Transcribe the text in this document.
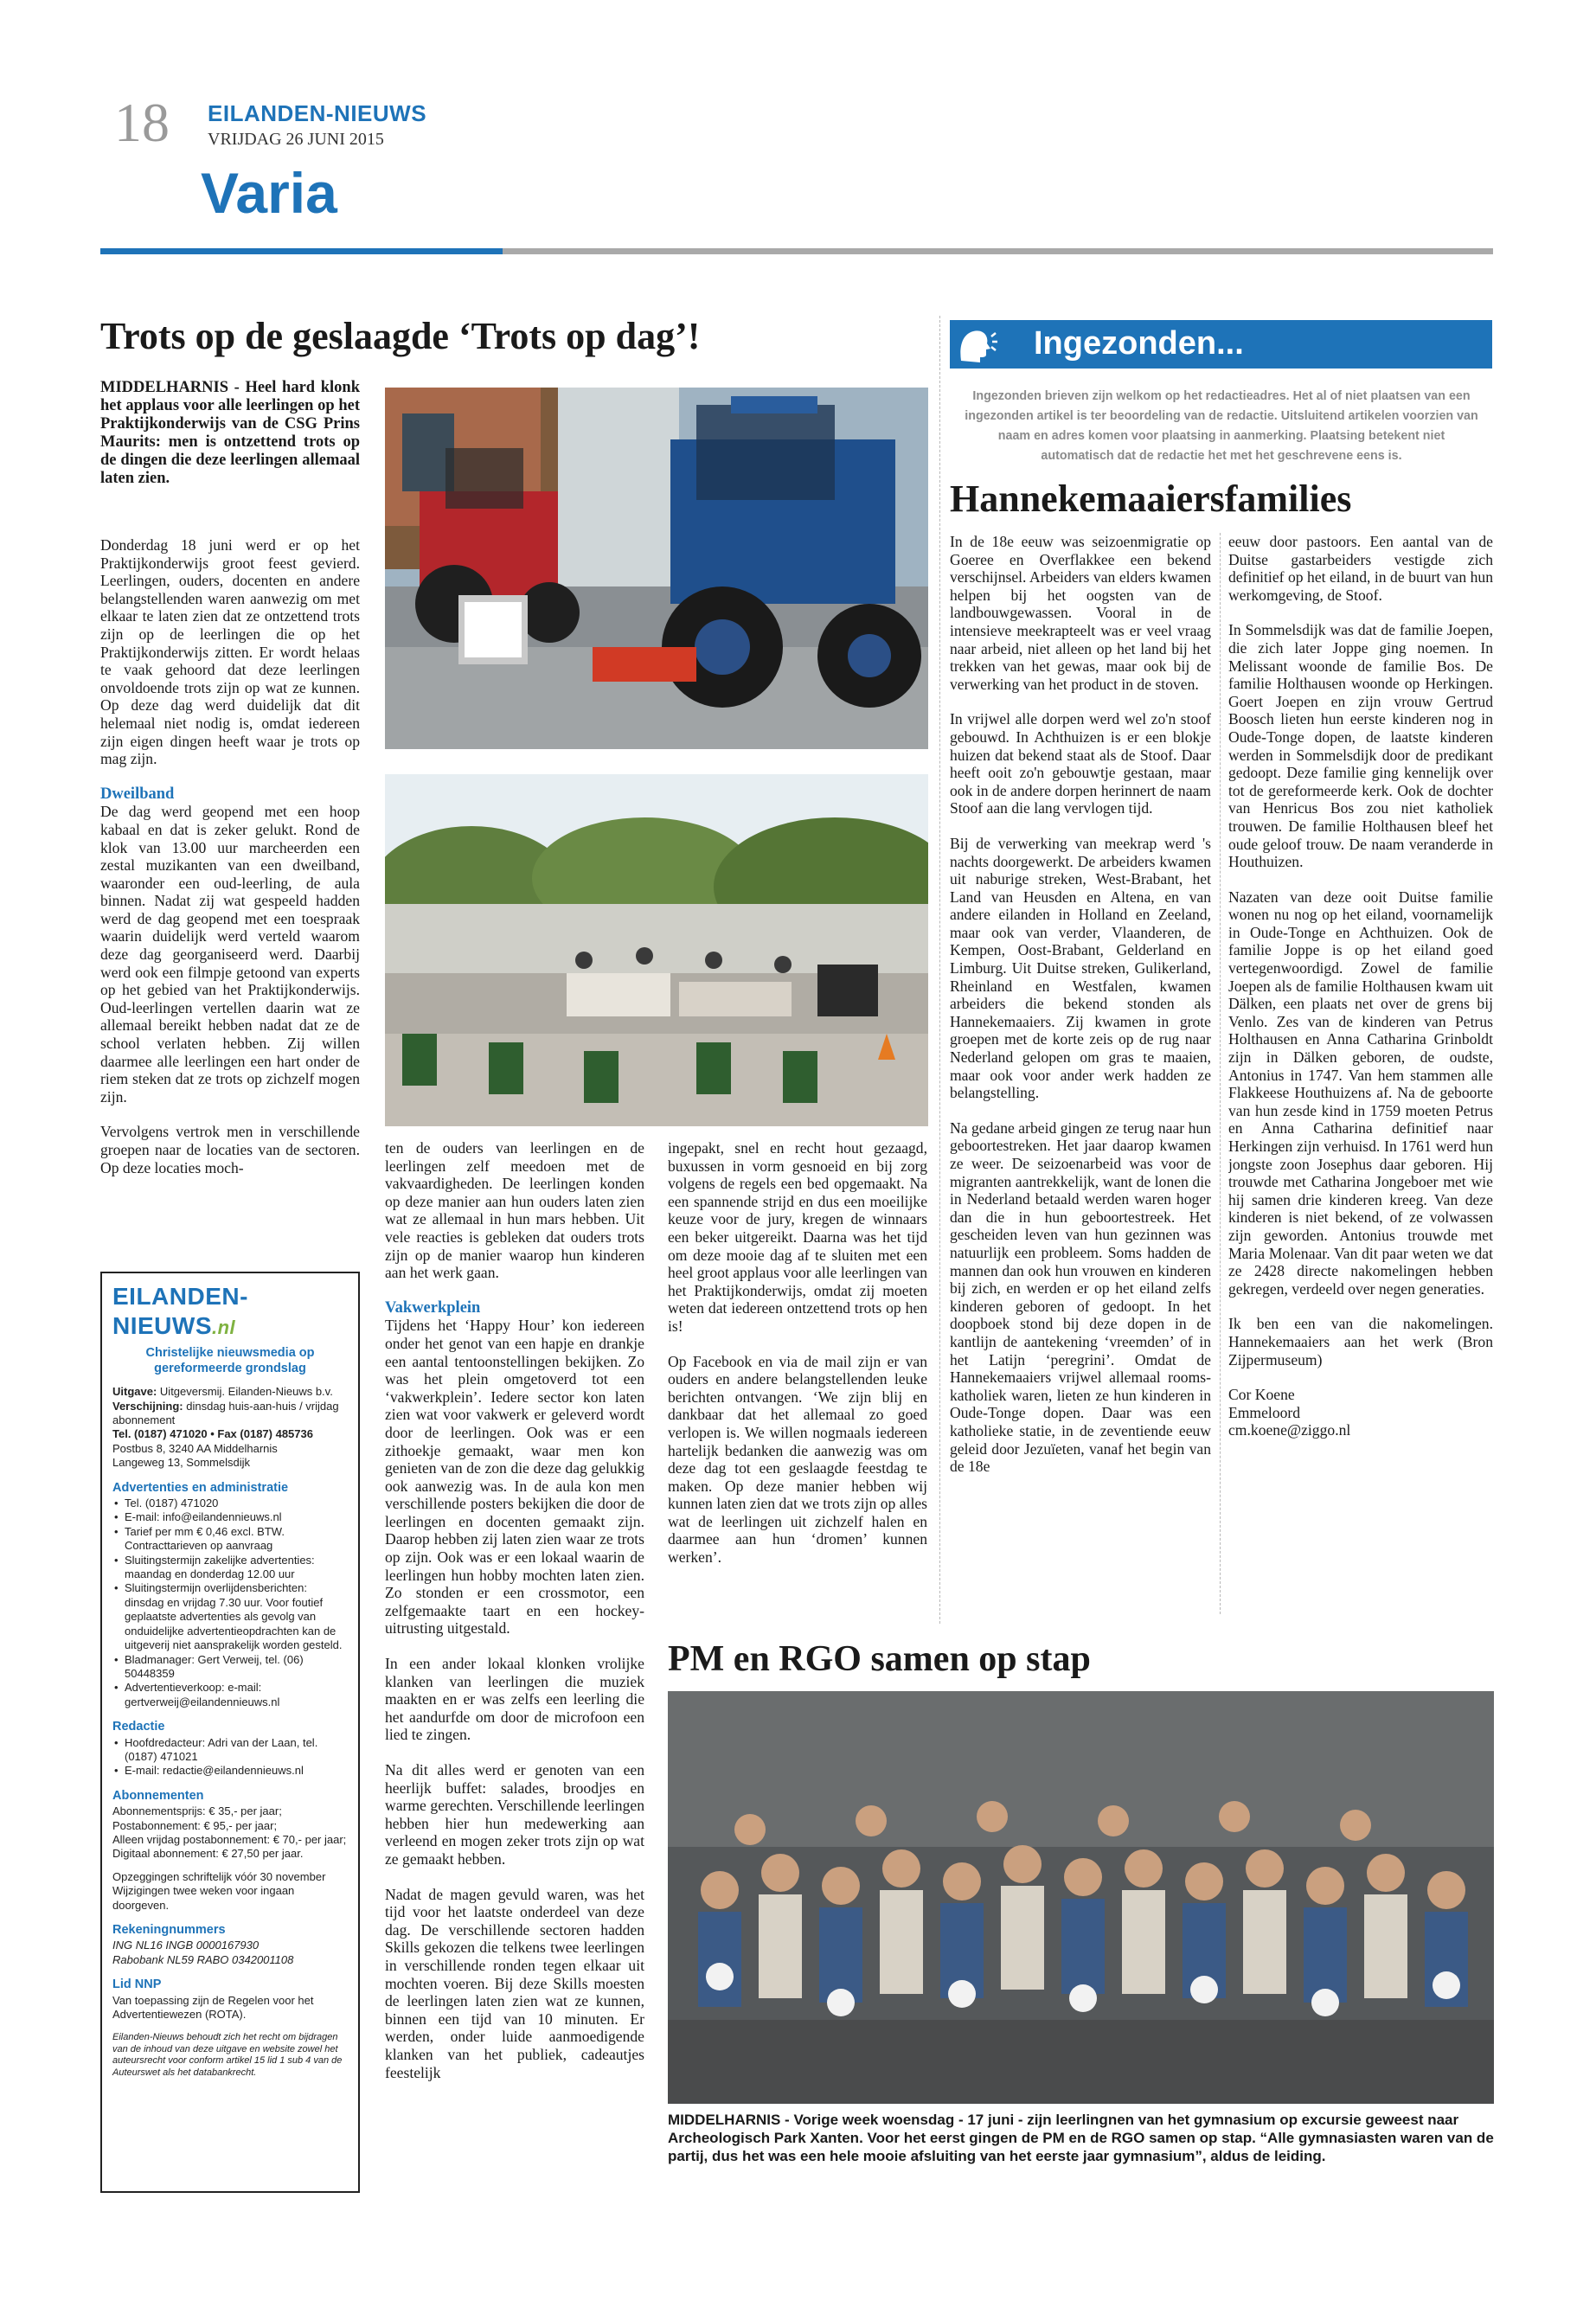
18 EILANDEN-NIEUWS
VRIJDAG 26 JUNI 2015
Varia
Trots op de geslaagde ‘Trots op dag’!
MIDDELHARNIS - Heel hard klonk het applaus voor alle leerlingen op het Praktijkonderwijs van de CSG Prins Maurits: men is ontzettend trots op de dingen die deze leerlingen allemaal laten zien.

Donderdag 18 juni werd er op het Praktijkonderwijs groot feest gevierd. Leerlingen, ouders, docenten en andere belangstellenden waren aanwezig om met elkaar te laten zien dat ze ontzettend trots zijn op de leerlingen die op het Praktijkonderwijs zitten. Er wordt helaas te vaak gehoord dat deze leerlingen onvoldoende trots zijn op wat ze kunnen. Op deze dag werd duidelijk dat dit helemaal niet nodig is, omdat iedereen zijn eigen dingen heeft waar je trots op mag zijn.

Dweilband

De dag werd geopend met een hoop kabaal en dat is zeker gelukt. Rond de klok van 13.00 uur marcheerden een zestal muzikanten van een dweilband, waaronder een oud-leerling, de aula binnen. Nadat zij wat gespeeld hadden werd de dag geopend met een toespraak waarin duidelijk werd verteld waarom deze dag georganiseerd werd. Daarbij werd ook een filmpje getoond van experts op het gebied van het Praktijkonderwijs. Oud-leerlingen vertellen daarin wat ze allemaal bereikt hebben nadat dat ze de school verlaten hebben. Zij willen daarmee alle leerlingen een hart onder de riem steken dat ze trots op zichzelf mogen zijn.

Vervolgens vertrok men in verschillende groepen naar de locaties van de sectoren. Op deze locaties moch-

ten de ouders van leerlingen en de leerlingen zelf meedoen met de vakvaardigheden. De leerlingen konden op deze manier aan hun ouders laten zien wat ze allemaal in hun mars hebben. Uit vele reacties is gebleken dat ouders trots zijn op de manier waarop hun kinderen aan het werk gaan.

Vakwerkplein

Tijdens het ‘Happy Hour’ kon iedereen onder het genot van een hapje en drankje een aantal tentoonstellingen bekijken. Zo was het plein omgetoverd tot een ‘vakwerkplein’. Iedere sector kon laten zien wat voor vakwerk er geleverd wordt door de leerlingen. Ook was er een zithoekje gemaakt, waar men kon genieten van de zon die deze dag gelukkig ook aanwezig was. In de aula kon men verschillende posters bekijken die door de leerlingen en docenten gemaakt zijn. Daarop hebben zij laten zien waar ze trots op zijn. Ook was er een lokaal waarin de leerlingen hun hobby mochten laten zien. Zo stonden er een crossmotor, een zelfgemaakte taart en een hockey-uitrusting uitgestald.

In een ander lokaal klonken vrolijke klanken van leerlingen die muziek maakten en er was zelfs een leerling die het aandurfde om door de microfoon een lied te zingen.

Na dit alles werd er genoten van een heerlijk buffet: salades, broodjes en warme gerechten. Verschillende leerlingen hebben hier hun medewerking aan verleend en mogen zeker trots zijn op wat ze gemaakt hebben.

Nadat de magen gevuld waren, was het tijd voor het laatste onderdeel van deze dag. De verschillende sectoren hadden Skills gekozen die telkens twee leerlingen in verschillende ronden tegen elkaar uit mochten voeren. Bij deze Skills moesten de leerlingen laten zien wat ze kunnen, binnen een tijd van 10 minuten. Er werden, onder luide aanmoedigende klanken van het publiek, cadeautjes feestelijk

ingepakt, snel en recht hout gezaagd, buxussen in vorm gesnoeid en bij zorg volgens de regels een bed opgemaakt. Na een spannende strijd en dus een moeilijke keuze voor de jury, kregen de winnaars een beker uitgereikt. Daarna was het tijd om deze mooie dag af te sluiten met een heel groot applaus voor alle leerlingen van het Praktijkonderwijs, omdat zij moeten weten dat iedereen ontzettend trots op hen is!

Op Facebook en via de mail zijn er van ouders en andere belangstellenden leuke berichten ontvangen. ‘We zijn blij en dankbaar dat het allemaal zo goed verlopen is. We willen nogmaals iedereen hartelijk bedanken die aanwezig was om deze dag tot een geslaagde feestdag te maken. Op deze manier hebben wij kunnen laten zien dat we trots zijn op alles wat de leerlingen uit zichzelf halen en daarmee aan hun ‘dromen’ kunnen werken’.

Ingezonden...
Ingezonden brieven zijn welkom op het redactieadres. Het al of niet plaatsen van een ingezonden artikel is ter beoordeling van de redactie. Uitsluitend artikelen voorzien van naam en adres komen voor plaatsing in aanmerking. Plaatsing betekent niet automatisch dat de redactie het met het geschrevene eens is.
Hannekemaaiersfamilies

In de 18e eeuw was seizoenmigratie op Goeree en Overflakkee een bekend verschijnsel. Arbeiders van elders kwamen helpen bij het oogsten van de landbouwgewassen. Vooral in de intensieve meekrapteelt was er veel vraag naar arbeid, niet alleen op het land bij het trekken van het gewas, maar ook bij de verwerking van het product in de stoven.

In vrijwel alle dorpen werd wel zo'n stoof gebouwd. In Achthuizen is er een blokje huizen dat bekend staat als de Stoof. Daar heeft ooit zo'n gebouwtje gestaan, maar ook in de andere dorpen herinnert de naam Stoof aan die lang vervlogen tijd.

Bij de verwerking van meekrap werd 's nachts doorgewerkt. De arbeiders kwamen uit naburige streken, West-Brabant, het Land van Heusden en Altena, en van andere eilanden in Holland en Zeeland, maar ook van verder, Vlaanderen, de Kempen, Oost-Brabant, Gelderland en Limburg. Uit Duitse streken, Gulikerland, Rheinland en Westfalen, kwamen arbeiders die bekend stonden als Hannekemaaiers. Zij kwamen in grote groepen met de korte zeis op de rug naar Nederland gelopen om gras te maaien, maar ook voor ander werk hadden ze belangstelling.

Na gedane arbeid gingen ze terug naar hun geboortestreken. Het jaar daarop kwamen ze weer. De seizoenarbeid was voor de migranten aantrekkelijk, want de lonen die in Nederland betaald werden waren hoger dan die in hun geboortestreek. Het gescheiden leven van hun gezinnen was natuurlijk een probleem. Soms hadden de mannen dan ook hun vrouwen en kinderen bij zich, en werden er op het eiland zelfs kinderen geboren of gedoopt. In het doopboek stond bij deze dopen in de kantlijn de aantekening ‘vreemden’ of in het Latijn ‘peregrini’. Omdat de Hannekemaaiers vrijwel allemaal rooms-katholiek waren, lieten ze hun kinderen in Oude-Tonge dopen. Daar was een katholieke statie, in de zeventiende eeuw geleid door Jezuïeten, vanaf het begin van de 18e

eeuw door pastoors. Een aantal van de Duitse gastarbeiders vestigde zich definitief op het eiland, in de buurt van hun werkomgeving, de Stoof.

In Sommelsdijk was dat de familie Joepen, die zich later Joppe ging noemen. In Melissant woonde de familie Bos. De familie Holthausen woonde op Herkingen. Goert Joepen en zijn vrouw Gertrud Boosch lieten hun eerste kinderen nog in Oude-Tonge dopen, de laatste kinderen werden in Sommelsdijk door de predikant gedoopt. Deze familie ging kennelijk over tot de gereformeerde kerk. Ook de dochter van Henricus Bos zou niet katholiek trouwen. De familie Holthausen bleef het oude geloof trouw. De naam veranderde in Houthuizen.

Nazaten van deze ooit Duitse familie wonen nu nog op het eiland, voornamelijk in Oude-Tonge en Achthuizen. Ook de familie Joppe is op het eiland goed vertegenwoordigd. Zowel de familie Joepen als de familie Holthausen kwam uit Dälken, een plaats net over de grens bij Venlo. Zes van de kinderen van Petrus Holthausen en Anna Catharina Grinboldt zijn in Dälken geboren, de oudste, Antonius in 1747. Van hem stammen alle Flakkeese Houthuizens af. Na de geboorte van hun zesde kind in 1759 moeten Petrus en Anna Catharina definitief naar Herkingen zijn verhuisd. In 1761 werd hun jongste zoon Josephus daar geboren. Hij trouwde met Catharina Jongeboer met wie hij samen drie kinderen kreeg. Van deze kinderen is niet bekend, of ze volwassen zijn geworden. Antonius trouwde met Maria Molenaar. Van dit paar weten we dat ze 2428 directe nakomelingen hebben gekregen, verdeeld over negen generaties.

Ik ben een van die nakomelingen. Hannekemaaiers aan het werk (Bron Zijpermuseum)

Cor Koene
Emmeloord
cm.koene@ziggo.nl
PM en RGO samen op stap
MIDDELHARNIS - Vorige week woensdag - 17 juni - zijn leerlingnen van het gymnasium op excursie geweest naar Archeologisch Park Xanten. Voor het eerst gingen de PM en de RGO samen op stap. “Alle gymnasiasten waren van de partij, dus het was een hele mooie afsluiting van het eerste jaar gymnasium”, aldus de leiding.
EILANDEN-NIEUWS.nl
Christelijke nieuwsmedia op gereformeerde grondslag
Uitgave: Uitgeversmij. Eilanden-Nieuws b.v.
Verschijning: dinsdag huis-aan-huis / vrijdag abonnement
Tel. (0187) 471020 • Fax (0187) 485736
Postbus 8, 3240 AA Middelharnis
Langeweg 13, Sommelsdijk
Advertenties en administratie
• Tel. (0187) 471020
• E-mail: info@eilandennieuws.nl
• Tarief per mm € 0,46 excl. BTW. Contracttarieven op aanvraag
• Sluitingstermijn zakelijke advertenties: maandag en donderdag 12.00 uur
• Sluitingstermijn overlijdensberichten: dinsdag en vrijdag 7.30 uur. Voor foutief geplaatste advertenties als gevolg van onduidelijke advertentieopdrachten kan de uitgeverij niet aansprakelijk worden gesteld.
• Bladmanager: Gert Verweij, tel. (06) 50448359
• Advertentieverkoop: e-mail: gertverweij@eilandennieuws.nl
Redactie
• Hoofdredacteur: Adri van der Laan, tel. (0187) 471021
• E-mail: redactie@eilandennieuws.nl
Abonnementen
Abonnementsprijs: € 35,- per jaar;
Postabonnement: € 95,- per jaar;
Alleen vrijdag postabonnement: € 70,- per jaar;
Digitaal abonnement: € 27,50 per jaar.
Opzeggingen schriftelijk vóór 30 november
Wijzigingen twee weken voor ingaan doorgeven.
Rekeningnummers
ING NL16 INGB 0000167930
Rabobank NL59 RABO 0342001108
Lid NNP
Van toepassing zijn de Regelen voor het Advertentiewezen (ROTA).
Eilanden-Nieuws behoudt zich het recht om bijdragen van de inhoud van deze uitgave en website zowel het auteursrecht voor conform artikel 15 lid 1 sub 4 van de Auteurswet als het databankrecht.
